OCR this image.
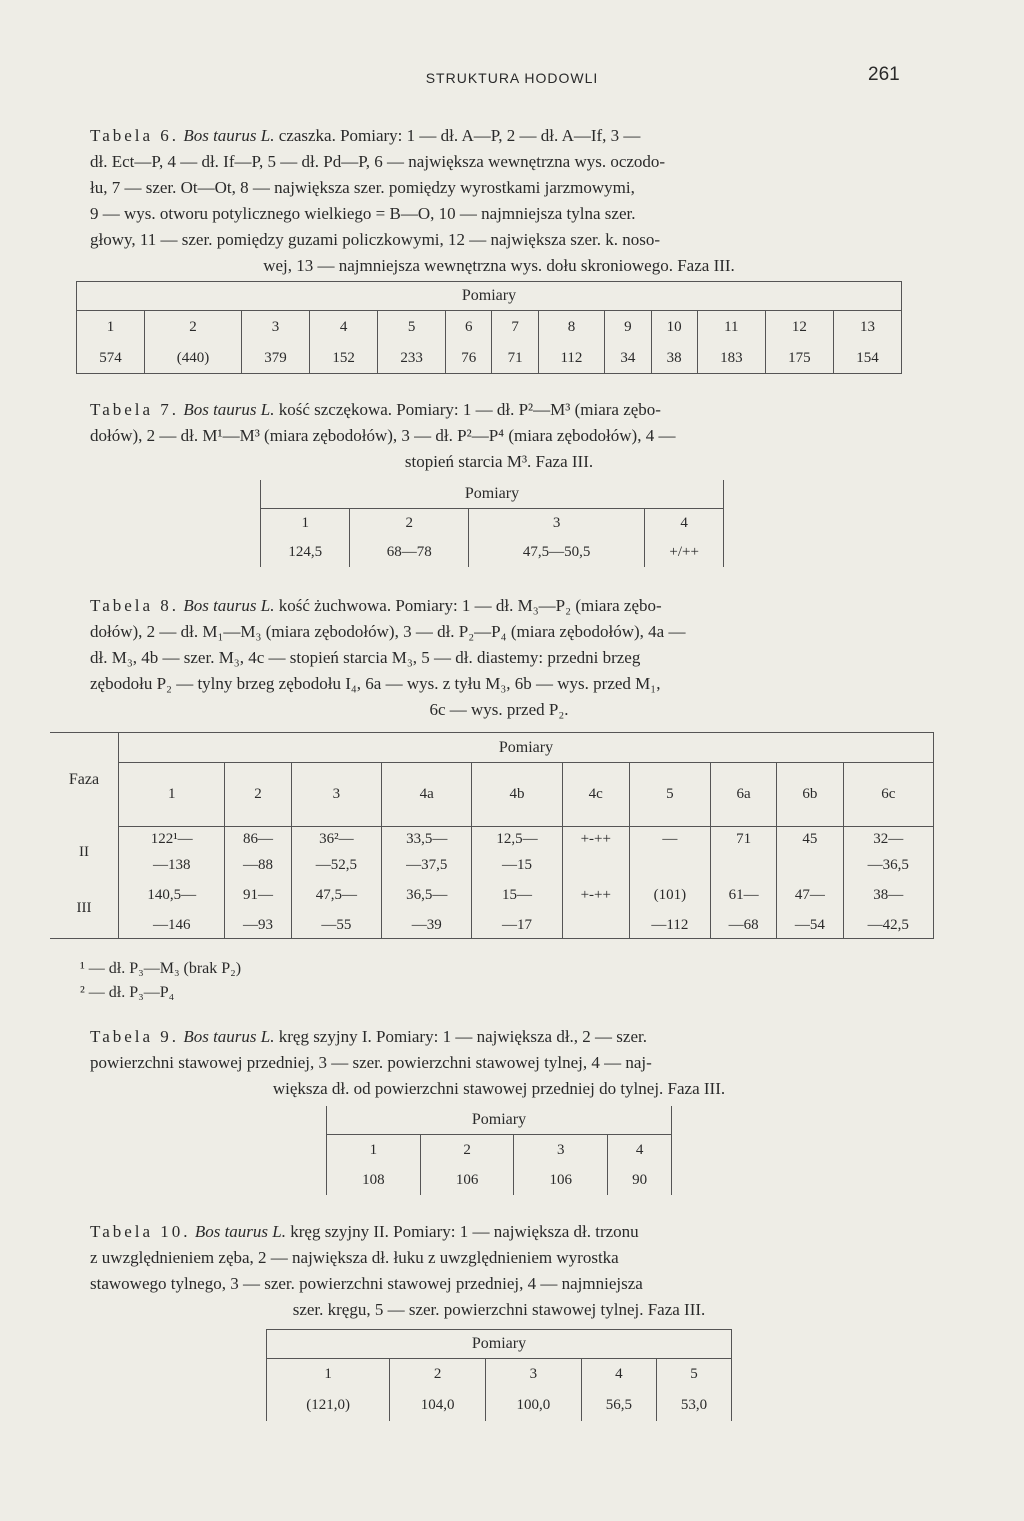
STRUKTURA HODOWLI	261
Tabela 6. Bos taurus L. czaszka. Pomiary: 1 — dł. A—P, 2 — dł. A—If, 3 —
dł. Ect—P, 4 — dł. If—P, 5 — dł. Pd—P, 6 — największa wewnętrzna wys. oczodo-
łu, 7 — szer. Ot—Ot, 8 — największa szer. pomiędzy wyrostkami jarzmowymi,
9 — wys. otworu potylicznego wielkiego = B—O, 10 — najmniejsza tylna szer.
głowy, 11 — szer. pomiędzy guzami policzkowymi, 12 — największa szer. k. noso-

wej, 13 — najmniejsza wewnętrzna wys. dołu skroniowego. Faza III.
Pomiary												
1	2	3	4	5	6	7	8	9	10	11	12	13
574	(440)	379	152	233	76	71	112	34	38	183	175	154
Tabela 7. Bos taurus L. kość szczękowa. Pomiary: 1 — dł. P²—M³ (miara zębo-
dołów), 2 — dł. M¹—M³ (miara zębodołów), 3 — dł. P²—P⁴ (miara zębodołów), 4 —

stopień starcia M³. Faza III.
Pomiary			
1	2	3	4
124,5	68—78	47,5—50,5	+/++
Tabela 8. Bos taurus L. kość żuchwowa. Pomiary: 1 — dł. M₃—P₂ (miara zębo-
dołów), 2 — dł. M₁—M₃ (miara zębodołów), 3 — dł. P₂—P₄ (miara zębodołów), 4a —
dł. M₃, 4b — szer. M₃, 4c — stopień starcia M₃, 5 — dł. diastemy: przedni brzeg
zębodołu P₂ — tylny brzeg zębodołu I₄, 6a — wys. z tyłu M₃, 6b — wys. przed M₁,

6c — wys. przed P₂.
Faza	Pomiary									
	1	2	3	4a	4b	4c	5	6a	6b	6c
II	122¹—	86—	36²—	33,5—	12,5—	+-++	—	71	45	32—
	—138	—88	—52,5	—37,5	—15					—36,5
III	140,5—	91—	47,5—	36,5—	15—	+-++	(101)	61—	47—	38—
	—146	—93	—55	—39	—17		—112	—68	—54	—42,5
¹ — dł. P₃—M₃ (brak P₂)
² — dł. P₃—P₄
Tabela 9. Bos taurus L. kręg szyjny I. Pomiary: 1 — największa dł., 2 — szer.
powierzchni stawowej przedniej, 3 — szer. powierzchni stawowej tylnej, 4 — naj-

większa dł. od powierzchni stawowej przedniej do tylnej. Faza III.
Pomiary			
1	2	3	4
108	106	106	90
Tabela 10. Bos taurus L. kręg szyjny II. Pomiary: 1 — największa dł. trzonu
z uwzględnieniem zęba, 2 — największa dł. łuku z uwzględnieniem wyrostka
stawowego tylnego, 3 — szer. powierzchni stawowej przedniej, 4 — najmniejsza

szer. kręgu, 5 — szer. powierzchni stawowej tylnej. Faza III.
Pomiary				
1	2	3	4	5
(121,0)	104,0	100,0	56,5	53,0
